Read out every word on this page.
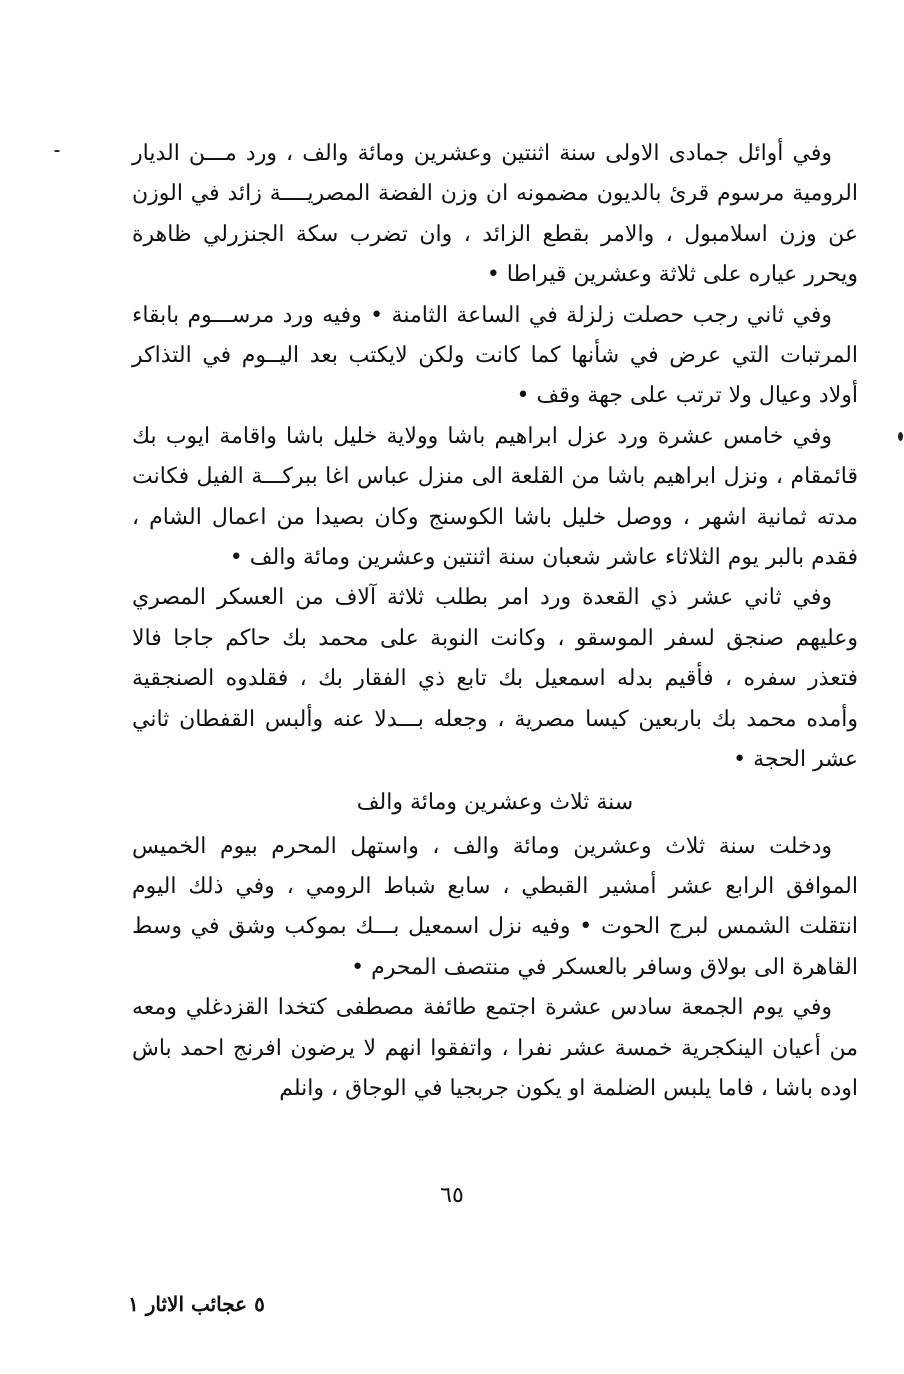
وفي أوائل جمادى الاولى سنة اثنتين وعشرين ومائة والف ، ورد مـــن الديار الرومية مرسوم قرئ بالديون مضمونه ان وزن الفضة المصريــــة زائد في الوزن عن وزن اسلامبول ، والامر بقطع الزائد ، وان تضرب سكة الجنزرلي ظاهرة ويحرر عياره على ثلاثة وعشرين قيراطا •

وفي ثاني رجب حصلت زلزلة في الساعة الثامنة • وفيه ورد مرســـوم بابقاء المرتبات التي عرض في شأنها كما كانت ولكن لايكتب بعد اليــوم في التذاكر أولاد وعيال ولا ترتب على جهة وقف •

وفي خامس عشرة ورد عزل ابراهيم باشا وولاية خليل باشا واقامة ايوب بك قائمقام ، ونزل ابراهيم باشا من القلعة الى منزل عباس اغا ببركـــة الفيل فكانت مدته ثمانية اشهر ، ووصل خليل باشا الكوسنج وكان بصيدا من اعمال الشام ، فقدم بالبر يوم الثلاثاء عاشر شعبان سنة اثنتين وعشرين ومائة والف •

وفي ثاني عشر ذي القعدة ورد امر بطلب ثلاثة آلاف من العسكر المصري وعليهم صنجق لسفر الموسقو ، وكانت النوبة على محمد بك حاكم جاجا فالا فتعذر سفره ، فأقيم بدله اسمعيل بك تابع ذي الفقار بك ، فقلدوه الصنجقية وأمده محمد بك باربعين كيسا مصرية ، وجعله بـــدلا عنه وألبس القفطان ثاني عشر الحجة •

سنة ثلاث وعشرين ومائة والف

ودخلت سنة ثلاث وعشرين ومائة والف ، واستهل المحرم بيوم الخميس الموافق الرابع عشر أمشير القبطي ، سابع شباط الرومي ، وفي ذلك اليوم انتقلت الشمس لبرج الحوت • وفيه نزل اسمعيل بـــك بموكب وشق في وسط القاهرة الى بولاق وسافر بالعسكر في منتصف المحرم •

وفي يوم الجمعة سادس عشرة اجتمع طائفة مصطفى كتخدا القزدغلي ومعه من أعيان الينكجرية خمسة عشر نفرا ، واتفقوا انهم لا يرضون افرنج احمد باش اوده باشا ، فاما يلبس الضلمة او يكون جربجيا في الوجاق ، وانلم

٦٥
٥ عجائب الاثار ١
